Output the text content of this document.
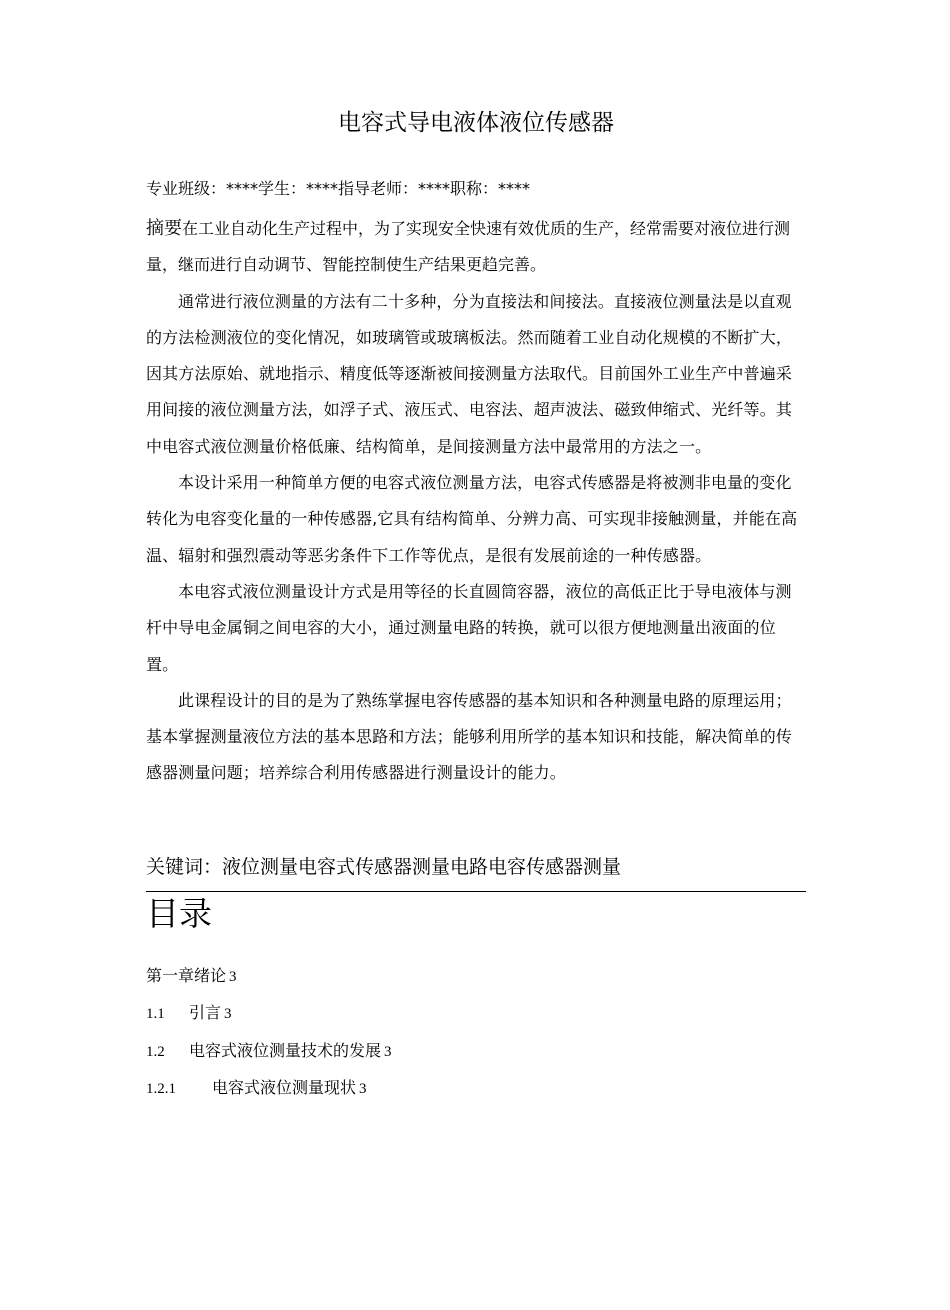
电容式导电液体液位传感器
专业班级：****学生：****指导老师：****职称：****
摘要在工业自动化生产过程中，为了实现安全快速有效优质的生产，经常需要对液位进行测量，继而进行自动调节、智能控制使生产结果更趋完善。

通常进行液位测量的方法有二十多种，分为直接法和间接法。直接液位测量法是以直观的方法检测液位的变化情况，如玻璃管或玻璃板法。然而随着工业自动化规模的不断扩大，因其方法原始、就地指示、精度低等逐渐被间接测量方法取代。目前国外工业生产中普遍采用间接的液位测量方法，如浮子式、液压式、电容法、超声波法、磁致伸缩式、光纤等。其中电容式液位测量价格低廉、结构简单，是间接测量方法中最常用的方法之一。

本设计采用一种简单方便的电容式液位测量方法，电容式传感器是将被测非电量的变化转化为电容变化量的一种传感器,它具有结构简单、分辨力高、可实现非接触测量，并能在高温、辐射和强烈震动等恶劣条件下工作等优点，是很有发展前途的一种传感器。

本电容式液位测量设计方式是用等径的长直圆筒容器，液位的高低正比于导电液体与测杆中导电金属铜之间电容的大小，通过测量电路的转换，就可以很方便地测量出液面的位置。

此课程设计的目的是为了熟练掌握电容传感器的基本知识和各种测量电路的原理运用；基本掌握测量液位方法的基本思路和方法；能够利用所学的基本知识和技能，解决简单的传感器测量问题；培养综合利用传感器进行测量设计的能力。

关键词：液位测量电容式传感器测量电路电容传感器测量
目录
第一章绪论 3
1.1 引言 3
1.2 电容式液位测量技术的发展 3
1.2.1 电容式液位测量现状 3
